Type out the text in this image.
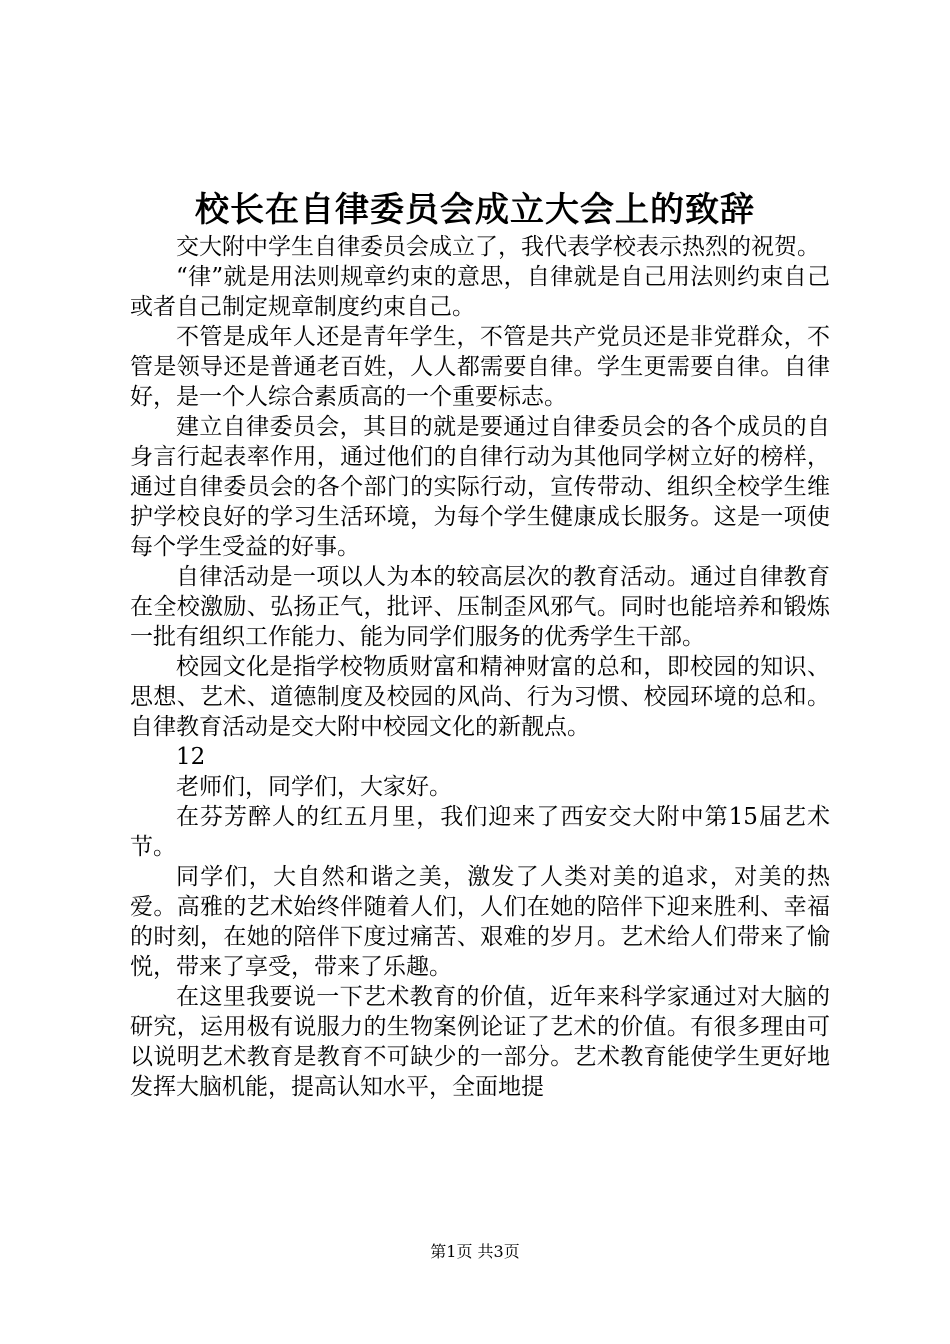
校长在自律委员会成立大会上的致辞

交大附中学生自律委员会成立了，我代表学校表示热烈的祝贺。

“律”就是用法则规章约束的意思，自律就是自己用法则约束自己或者自己制定规章制度约束自己。

不管是成年人还是青年学生，不管是共产党员还是非党群众，不管是领导还是普通老百姓，人人都需要自律。学生更需要自律。自律好，是一个人综合素质高的一个重要标志。

建立自律委员会，其目的就是要通过自律委员会的各个成员的自身言行起表率作用，通过他们的自律行动为其他同学树立好的榜样，通过自律委员会的各个部门的实际行动，宣传带动、组织全校学生维护学校良好的学习生活环境，为每个学生健康成长服务。这是一项使每个学生受益的好事。

自律活动是一项以人为本的较高层次的教育活动。通过自律教育在全校激励、弘扬正气，批评、压制歪风邪气。同时也能培养和锻炼一批有组织工作能力、能为同学们服务的优秀学生干部。

校园文化是指学校物质财富和精神财富的总和，即校园的知识、思想、艺术、道德制度及校园的风尚、行为习惯、校园环境的总和。自律教育活动是交大附中校园文化的新靓点。

12

老师们，同学们，大家好。

在芬芳醉人的红五月里，我们迎来了西安交大附中第15届艺术节。

同学们，大自然和谐之美，激发了人类对美的追求，对美的热爱。高雅的艺术始终伴随着人们，人们在她的陪伴下迎来胜利、幸福的时刻，在她的陪伴下度过痛苦、艰难的岁月。艺术给人们带来了愉悦，带来了享受，带来了乐趣。

在这里我要说一下艺术教育的价值，近年来科学家通过对大脑的研究，运用极有说服力的生物案例论证了艺术的价值。有很多理由可以说明艺术教育是教育不可缺少的一部分。艺术教育能使学生更好地发挥大脑机能，提高认知水平，全面地提

第1页 共3页
